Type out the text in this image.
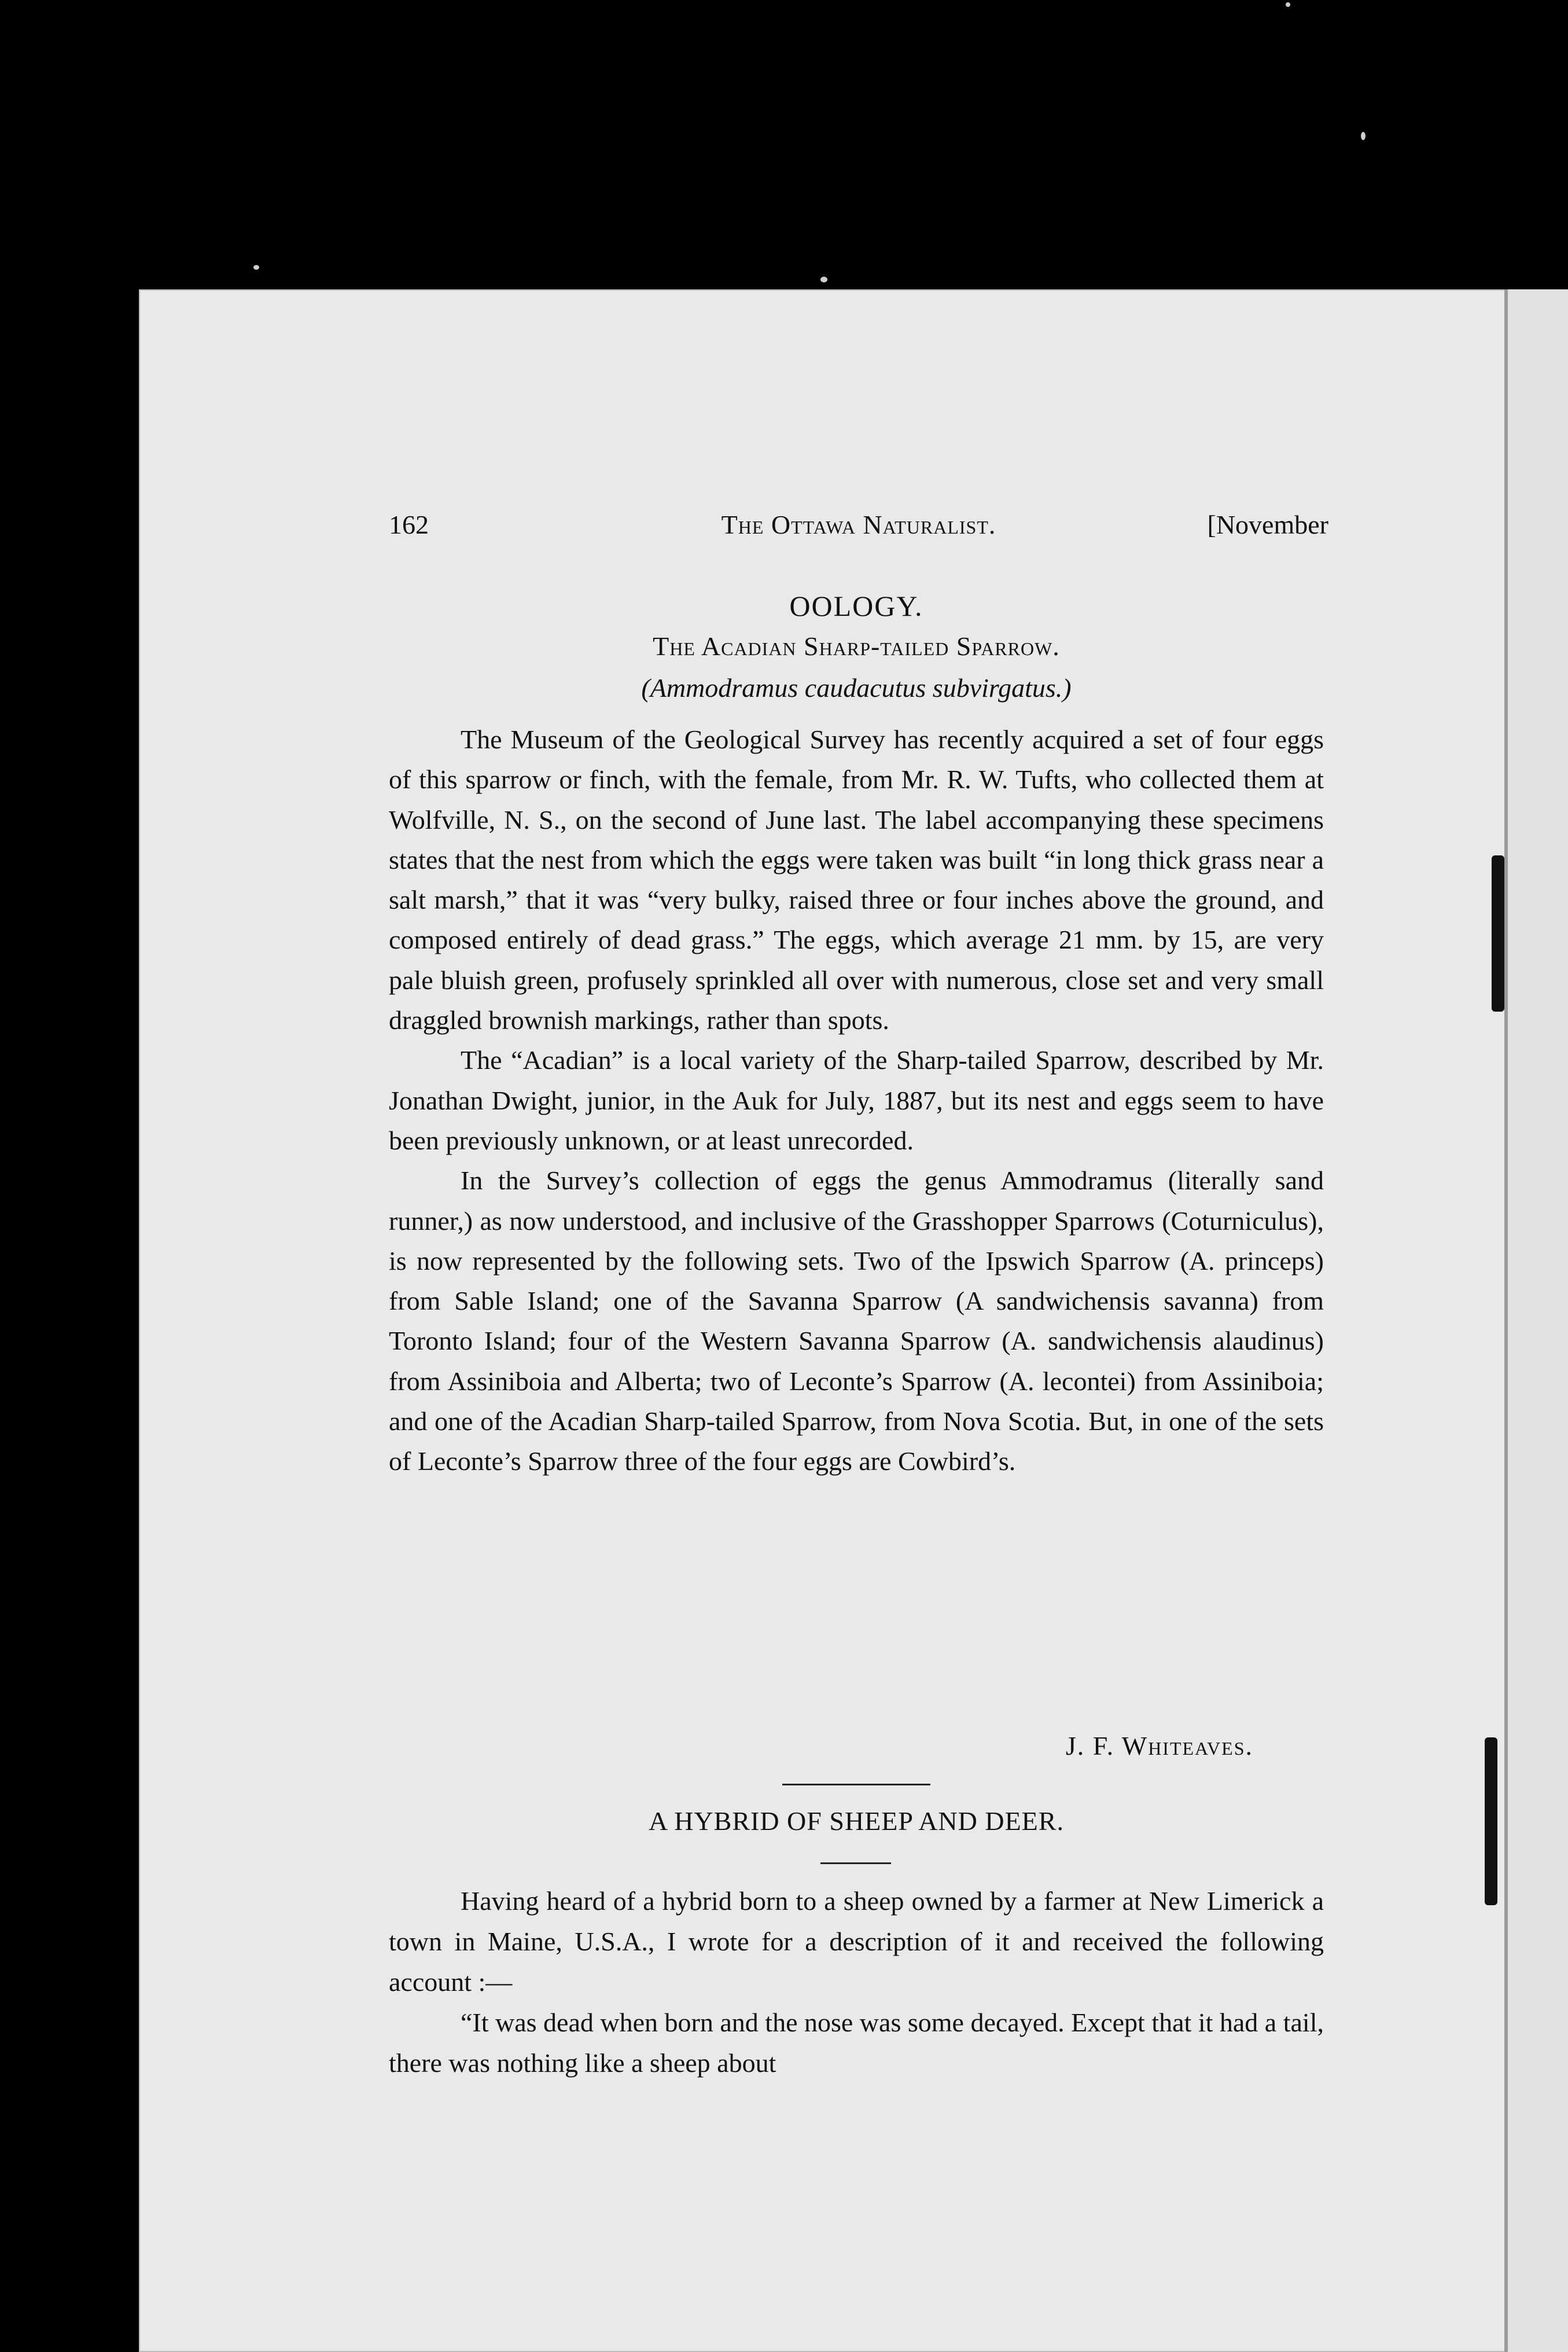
162	The Ottawa Naturalist.	[November
OOLOGY.
The Acadian Sharp-tailed Sparrow.
(Ammodramus caudacutus subvirgatus.)

The Museum of the Geological Survey has recently acquired a set of four eggs of this sparrow or finch, with the female, from Mr. R. W. Tufts, who collected them at Wolfville, N. S., on the second of June last. The label accompanying these specimens states that the nest from which the eggs were taken was built “in long thick grass near a salt marsh,” that it was “very bulky, raised three or four inches above the ground, and composed entirely of dead grass.” The eggs, which average 21 mm. by 15, are very pale bluish green, profusely sprinkled all over with numerous, close set and very small draggled brownish markings, rather than spots.

The “Acadian” is a local variety of the Sharp-tailed Sparrow, described by Mr. Jonathan Dwight, junior, in the Auk for July, 1887, but its nest and eggs seem to have been previously unknown, or at least unrecorded.

In the Survey’s collection of eggs the genus Ammodramus (literally sand runner,) as now understood, and inclusive of the Grasshopper Sparrows (Coturniculus), is now represented by the following sets. Two of the Ipswich Sparrow (A. princeps) from Sable Island; one of the Savanna Sparrow (A sandwichensis savanna) from Toronto Island; four of the Western Savanna Sparrow (A. sandwichensis alaudinus) from Assiniboia and Alberta; two of Leconte’s Sparrow (A. lecontei) from Assiniboia; and one of the Acadian Sharp-tailed Sparrow, from Nova Scotia. But, in one of the sets of Leconte’s Sparrow three of the four eggs are Cowbird’s.

J. F. Whiteaves.
A HYBRID OF SHEEP AND DEER.

Having heard of a hybrid born to a sheep owned by a farmer at New Limerick a town in Maine, U.S.A., I wrote for a description of it and received the following account :—

“It was dead when born and the nose was some decayed. Except that it had a tail, there was nothing like a sheep about
